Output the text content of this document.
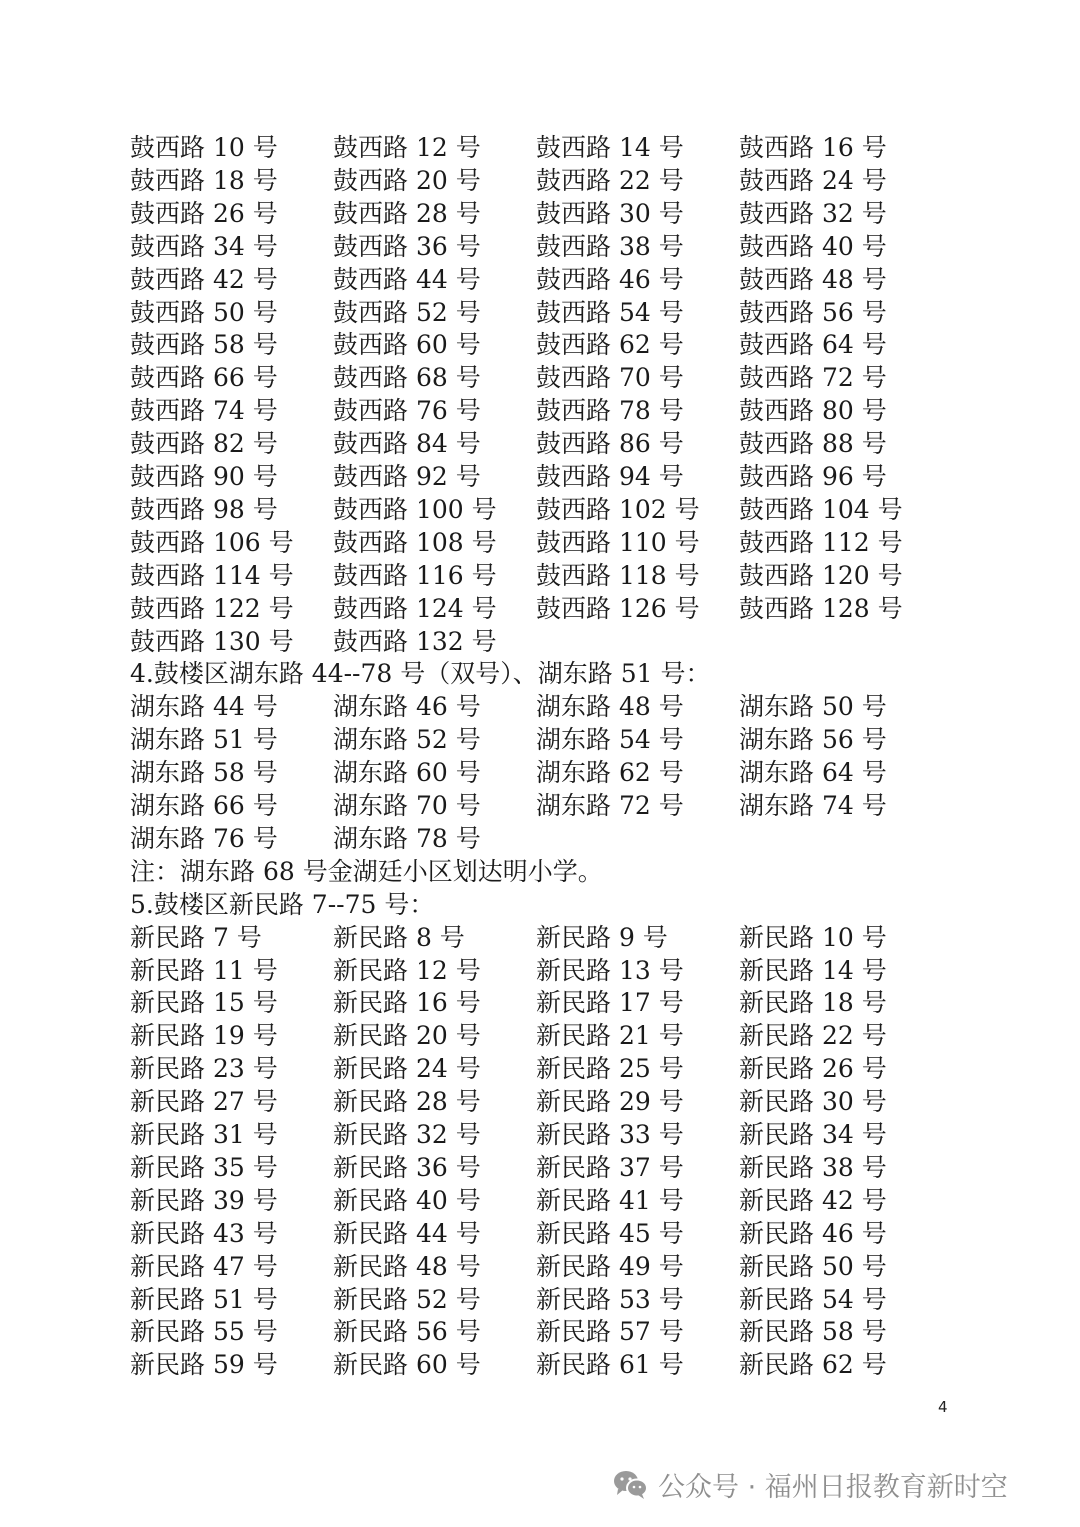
鼓西路 10 号 鼓西路 12 号 鼓西路 14 号 鼓西路 16 号
鼓西路 18 号 鼓西路 20 号 鼓西路 22 号 鼓西路 24 号
鼓西路 26 号 鼓西路 28 号 鼓西路 30 号 鼓西路 32 号
鼓西路 34 号 鼓西路 36 号 鼓西路 38 号 鼓西路 40 号
鼓西路 42 号 鼓西路 44 号 鼓西路 46 号 鼓西路 48 号
鼓西路 50 号 鼓西路 52 号 鼓西路 54 号 鼓西路 56 号
鼓西路 58 号 鼓西路 60 号 鼓西路 62 号 鼓西路 64 号
鼓西路 66 号 鼓西路 68 号 鼓西路 70 号 鼓西路 72 号
鼓西路 74 号 鼓西路 76 号 鼓西路 78 号 鼓西路 80 号
鼓西路 82 号 鼓西路 84 号 鼓西路 86 号 鼓西路 88 号
鼓西路 90 号 鼓西路 92 号 鼓西路 94 号 鼓西路 96 号
鼓西路 98 号 鼓西路 100 号 鼓西路 102 号 鼓西路 104 号
鼓西路 106 号 鼓西路 108 号 鼓西路 110 号 鼓西路 112 号
鼓西路 114 号 鼓西路 116 号 鼓西路 118 号 鼓西路 120 号
鼓西路 122 号 鼓西路 124 号 鼓西路 126 号 鼓西路 128 号
鼓西路 130 号 鼓西路 132 号
4.鼓楼区湖东路 44--78 号（双号）、湖东路 51 号：
湖东路 44 号 湖东路 46 号 湖东路 48 号 湖东路 50 号
湖东路 51 号 湖东路 52 号 湖东路 54 号 湖东路 56 号
湖东路 58 号 湖东路 60 号 湖东路 62 号 湖东路 64 号
湖东路 66 号 湖东路 70 号 湖东路 72 号 湖东路 74 号
湖东路 76 号 湖东路 78 号
注：湖东路 68 号金湖廷小区划达明小学。
5.鼓楼区新民路 7--75 号：
新民路 7 号	新民路 8 号	新民路 9 号	新民路 10 号
新民路 11 号 新民路 12 号 新民路 13 号 新民路 14 号
新民路 15 号 新民路 16 号 新民路 17 号 新民路 18 号
新民路 19 号 新民路 20 号 新民路 21 号 新民路 22 号
新民路 23 号 新民路 24 号 新民路 25 号 新民路 26 号
新民路 27 号 新民路 28 号 新民路 29 号 新民路 30 号
新民路 31 号 新民路 32 号 新民路 33 号 新民路 34 号
新民路 35 号 新民路 36 号 新民路 37 号 新民路 38 号
新民路 39 号 新民路 40 号 新民路 41 号 新民路 42 号
新民路 43 号 新民路 44 号 新民路 45 号 新民路 46 号
新民路 47 号 新民路 48 号 新民路 49 号 新民路 50 号
新民路 51 号 新民路 52 号 新民路 53 号 新民路 54 号
新民路 55 号 新民路 56 号 新民路 57 号 新民路 58 号
新民路 59 号 新民路 60 号 新民路 61 号 新民路 62 号
4
公众号 · 福州日报教育新时空
